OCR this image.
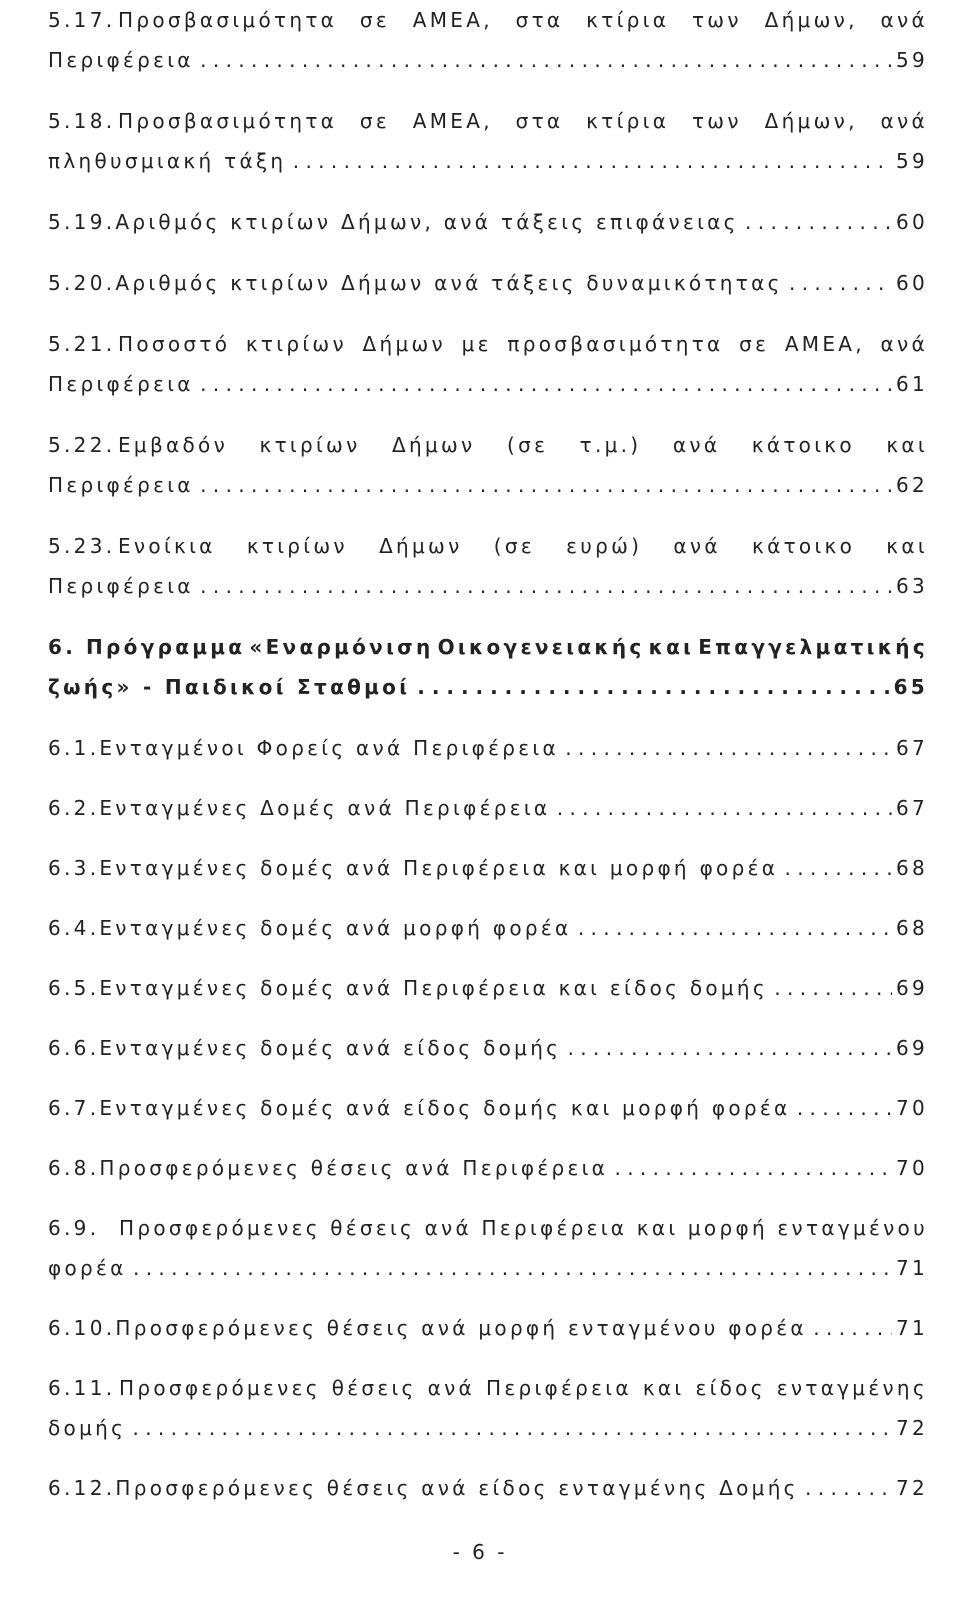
5.17. Προσβασιμότητα σε ΑΜΕΑ, στα κτίρια των Δήμων, ανά
Περιφέρεια . . .	59
5.18. Προσβασιμότητα σε ΑΜΕΑ, στα κτίρια των Δήμων, ανά
πληθυσμιακή τάξη . . .	59
5.19. Αριθμός κτιρίων Δήμων, ανά τάξεις επιφάνειας . . .	60
5.20. Αριθμός κτιρίων Δήμων ανά τάξεις δυναμικότητας . . .	60
5.21. Ποσοστό κτιρίων Δήμων με προσβασιμότητα σε ΑΜΕΑ, ανά
Περιφέρεια . . .	61
5.22. Εμβαδόν κτιρίων Δήμων (σε τ.μ.) ανά κάτοικο και
Περιφέρεια . . .	62
5.23. Ενοίκια κτιρίων Δήμων (σε ευρώ) ανά κάτοικο και
Περιφέρεια . . .	63
6. Πρόγραμμα «Εναρμόνιση Οικογενειακής και Επαγγελματικής
ζωής» - Παιδικοί Σταθμοί . . .	65
6.1. Ενταγμένοι Φορείς ανά Περιφέρεια . . .	67
6.2. Ενταγμένες Δομές ανά Περιφέρεια . . .	67
6.3. Ενταγμένες δομές ανά Περιφέρεια και μορφή φορέα . . .	68
6.4. Ενταγμένες δομές ανά μορφή φορέα . . .	68
6.5. Ενταγμένες δομές ανά Περιφέρεια και είδος δομής . . .	69
6.6. Ενταγμένες δομές ανά είδος δομής . . .	69
6.7. Ενταγμένες δομές ανά είδος δομής και μορφή φορέα . . .	70
6.8. Προσφερόμενες θέσεις ανά Περιφέρεια . . .	70
6.9. Προσφερόμενες θέσεις ανά Περιφέρεια και μορφή ενταγμένου
φορέα . . .	71
6.10. Προσφερόμενες θέσεις ανά μορφή ενταγμένου φορέα . . .	71
6.11. Προσφερόμενες θέσεις ανά Περιφέρεια και είδος ενταγμένης
δομής . . .	72
6.12. Προσφερόμενες θέσεις ανά είδος ενταγμένης Δομής . . .	72
- 6 -
